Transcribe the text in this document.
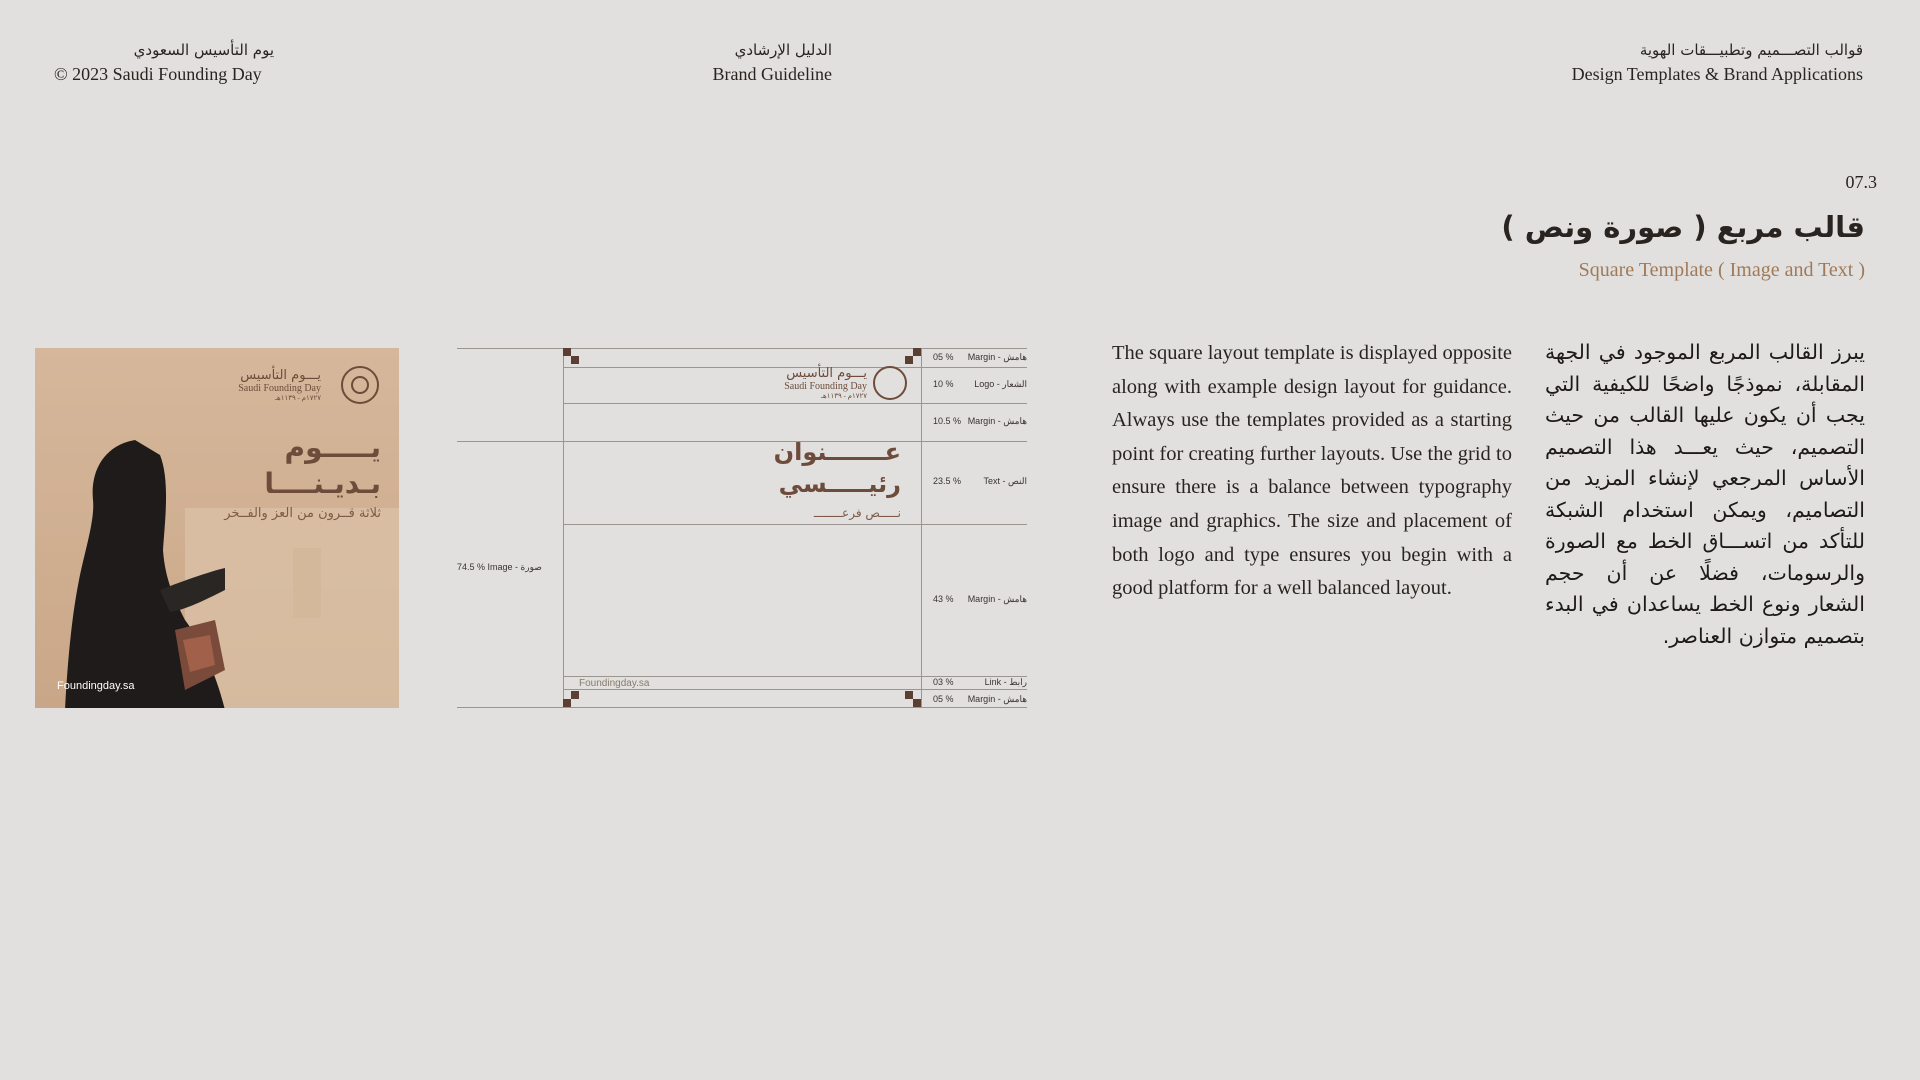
يوم التأسيس السعودي
© 2023 Saudi Founding Day
الدليل الإرشادي
Brand Guideline
قوالب التصـــميم وتطبيـــقات الهوية
Design Templates & Brand Applications
07.3
قالب مربع ( صورة ونص )
Square Template ( Image and Text )
يـــوم التأسيس
Saudi Founding Day
١٧٢٧م - ١١٣٩هـ
يـــــوم
بـديـنــــا
ثلاثة قــرون من العز والفــخر
Foundingday.sa
يـــوم التأسيس
Saudi Founding Day
١٧٢٧م - ١١٣٩هـ
عـــــــنوان
رئيـــــسي
نـــــص فرعــــــــ
Foundingday.sa
74.5 % Image - صورة
05 % Margin - هامش
10 % Logo - الشعار
10.5 % Margin - هامش
23.5 % Text - النص
43 % Margin - هامش
03 %	Link - رابط
05 % Margin - هامش
The square layout template is displayed opposite along with example design layout for guidance. Always use the templates provided as a starting point for creating further layouts. Use the grid to ensure there is a balance between typography image and graphics. The size and placement of both logo and type ensures you begin with a good platform for a well balanced layout.
يبرز القالب المربع الموجود في الجهة المقابلة، نموذجًا واضحًا للكيفية التي يجب أن يكون عليها القالب من حيث التصميم، حيث يعـــد هذا التصميم الأساس المرجعي لإنشاء المزيد من التصاميم، ويمكن استخدام الشبكة للتأكد من اتســـاق الخط مع الصورة والرسومات، فضلًا عن أن حجم الشعار ونوع الخط يساعدان في البدء بتصميم متوازن العناصر.
